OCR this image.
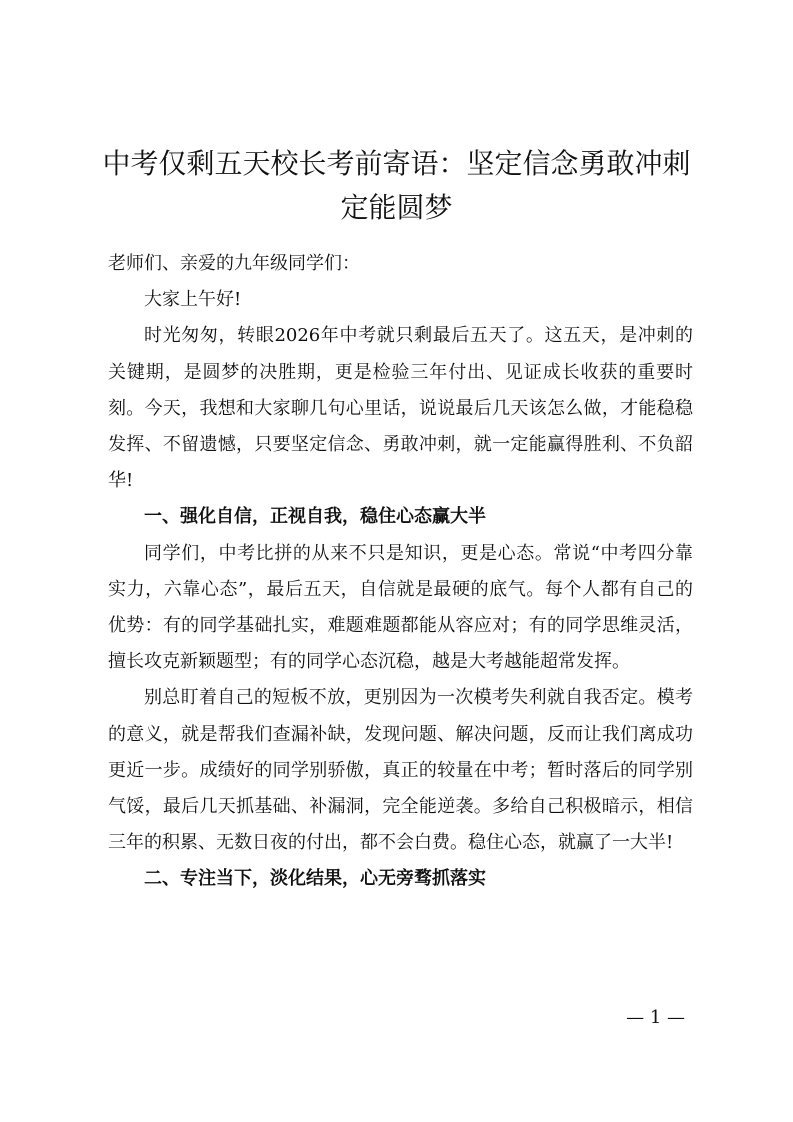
中考仅剩五天校长考前寄语：坚定信念勇敢冲刺定能圆梦

老师们、亲爱的九年级同学们：

大家上午好!

时光匆匆，转眼2026年中考就只剩最后五天了。这五天，是冲刺的关键期，是圆梦的决胜期，更是检验三年付出、见证成长收获的重要时刻。今天，我想和大家聊几句心里话，说说最后几天该怎么做，才能稳稳发挥、不留遗憾，只要坚定信念、勇敢冲刺，就一定能赢得胜利、不负韶华!

一、强化自信，正视自我，稳住心态赢大半

同学们，中考比拼的从来不只是知识，更是心态。常说“中考四分靠实力，六靠心态”，最后五天，自信就是最硬的底气。每个人都有自己的优势：有的同学基础扎实，难题难题都能从容应对；有的同学思维灵活，擅长攻克新颖题型；有的同学心态沉稳，越是大考越能超常发挥。

别总盯着自己的短板不放，更别因为一次模考失利就自我否定。模考的意义，就是帮我们查漏补缺，发现问题、解决问题，反而让我们离成功更近一步。成绩好的同学别骄傲，真正的较量在中考；暂时落后的同学别气馁，最后几天抓基础、补漏洞，完全能逆袭。多给自己积极暗示，相信三年的积累、无数日夜的付出，都不会白费。稳住心态，就赢了一大半!

二、专注当下，淡化结果，心无旁骛抓落实

— 1 —
